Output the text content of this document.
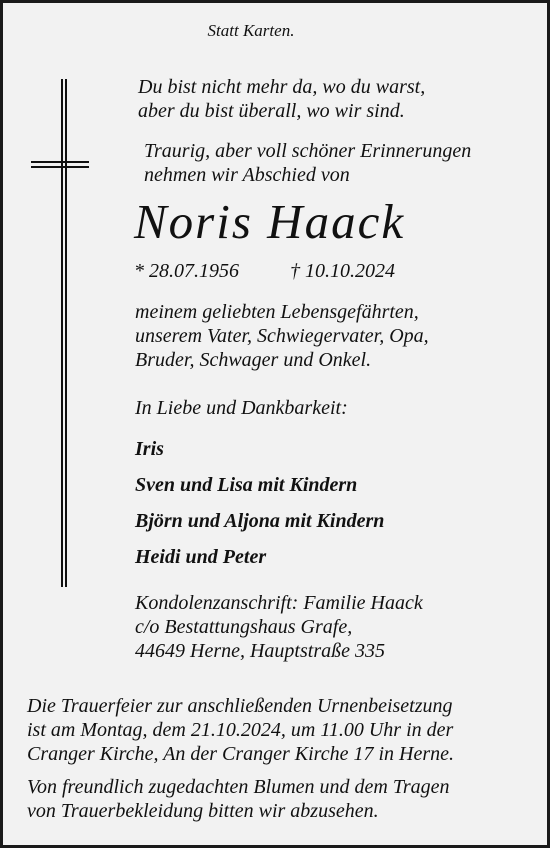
Statt Karten.
Du bist nicht mehr da, wo du warst,
aber du bist überall, wo wir sind.
Traurig, aber voll schöner Erinnerungen
nehmen wir Abschied von
Noris Haack
* 28.07.1956	† 10.10.2024
meinem geliebten Lebensgefährten,
unserem Vater, Schwiegervater, Opa,
Bruder, Schwager und Onkel.
In Liebe und Dankbarkeit:
Iris
Sven und Lisa mit Kindern
Björn und Aljona mit Kindern
Heidi und Peter
Kondolenzanschrift: Familie Haack
c/o Bestattungshaus Grafe,
44649 Herne, Hauptstraße 335
Die Trauerfeier zur anschließenden Urnenbeisetzung
ist am Montag, dem 21.10.2024, um 11.00 Uhr in der
Cranger Kirche, An der Cranger Kirche 17 in Herne.
Von freundlich zugedachten Blumen und dem Tragen
von Trauerbekleidung bitten wir abzusehen.
